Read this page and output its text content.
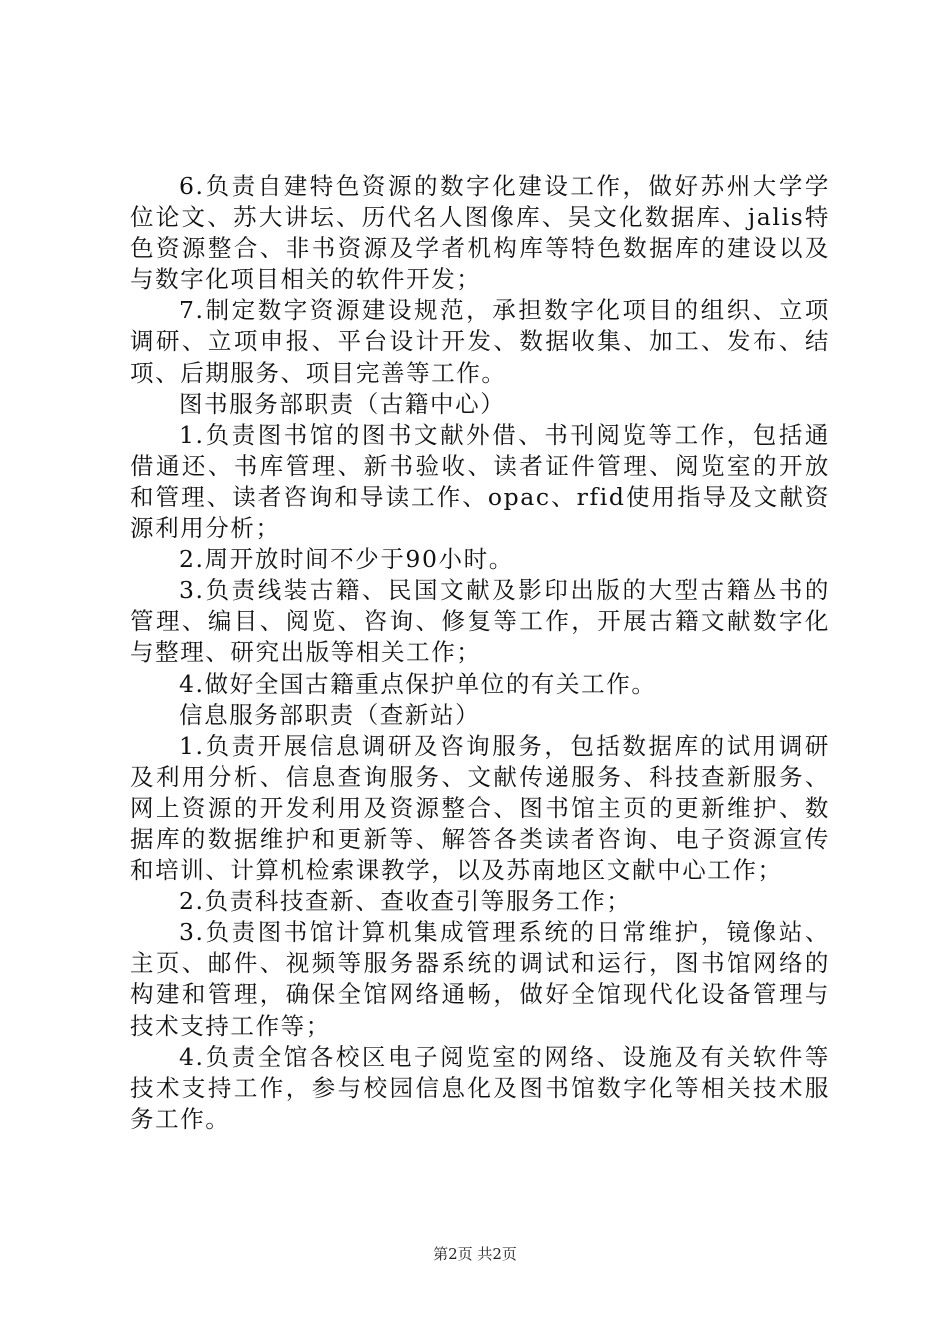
6.负责自建特色资源的数字化建设工作，做好苏州大学学位论文、苏大讲坛、历代名人图像库、吴文化数据库、jalis特色资源整合、非书资源及学者机构库等特色数据库的建设以及与数字化项目相关的软件开发；

7.制定数字资源建设规范，承担数字化项目的组织、立项调研、立项申报、平台设计开发、数据收集、加工、发布、结项、后期服务、项目完善等工作。

图书服务部职责（古籍中心）

1.负责图书馆的图书文献外借、书刊阅览等工作，包括通借通还、书库管理、新书验收、读者证件管理、阅览室的开放和管理、读者咨询和导读工作、opac、rfid使用指导及文献资源利用分析；

2.周开放时间不少于90小时。

3.负责线装古籍、民国文献及影印出版的大型古籍丛书的管理、编目、阅览、咨询、修复等工作，开展古籍文献数字化与整理、研究出版等相关工作；

4.做好全国古籍重点保护单位的有关工作。

信息服务部职责（查新站）

1.负责开展信息调研及咨询服务，包括数据库的试用调研及利用分析、信息查询服务、文献传递服务、科技查新服务、网上资源的开发利用及资源整合、图书馆主页的更新维护、数据库的数据维护和更新等、解答各类读者咨询、电子资源宣传和培训、计算机检索课教学，以及苏南地区文献中心工作；

2.负责科技查新、查收查引等服务工作；

3.负责图书馆计算机集成管理系统的日常维护，镜像站、主页、邮件、视频等服务器系统的调试和运行，图书馆网络的构建和管理，确保全馆网络通畅，做好全馆现代化设备管理与技术支持工作等；

4.负责全馆各校区电子阅览室的网络、设施及有关软件等技术支持工作，参与校园信息化及图书馆数字化等相关技术服务工作。

第2页 共2页
